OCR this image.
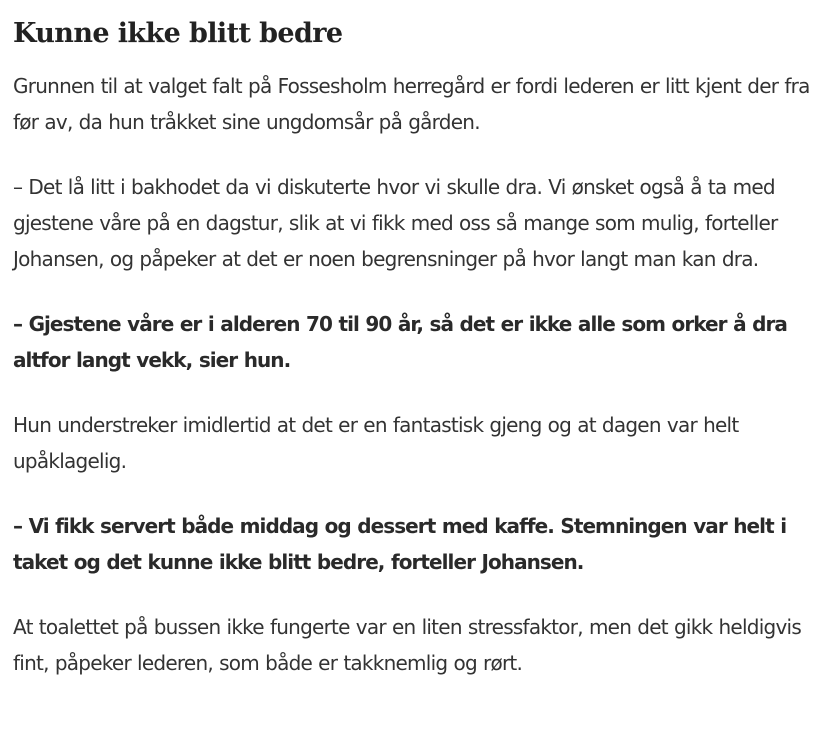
Kunne ikke blitt bedre

Grunnen til at valget falt på Fossesholm herregård er fordi lederen er litt kjent der fra før av, da hun tråkket sine ungdomsår på gården.

– Det lå litt i bakhodet da vi diskuterte hvor vi skulle dra. Vi ønsket også å ta med gjestene våre på en dagstur, slik at vi fikk med oss så mange som mulig, forteller Johansen, og påpeker at det er noen begrensninger på hvor langt man kan dra.

– Gjestene våre er i alderen 70 til 90 år, så det er ikke alle som orker å dra altfor langt vekk, sier hun.

Hun understreker imidlertid at det er en fantastisk gjeng og at dagen var helt upåklagelig.

– Vi fikk servert både middag og dessert med kaffe. Stemningen var helt i taket og det kunne ikke blitt bedre, forteller Johansen.

At toalettet på bussen ikke fungerte var en liten stressfaktor, men det gikk heldigvis fint, påpeker lederen, som både er takknemlig og rørt.
